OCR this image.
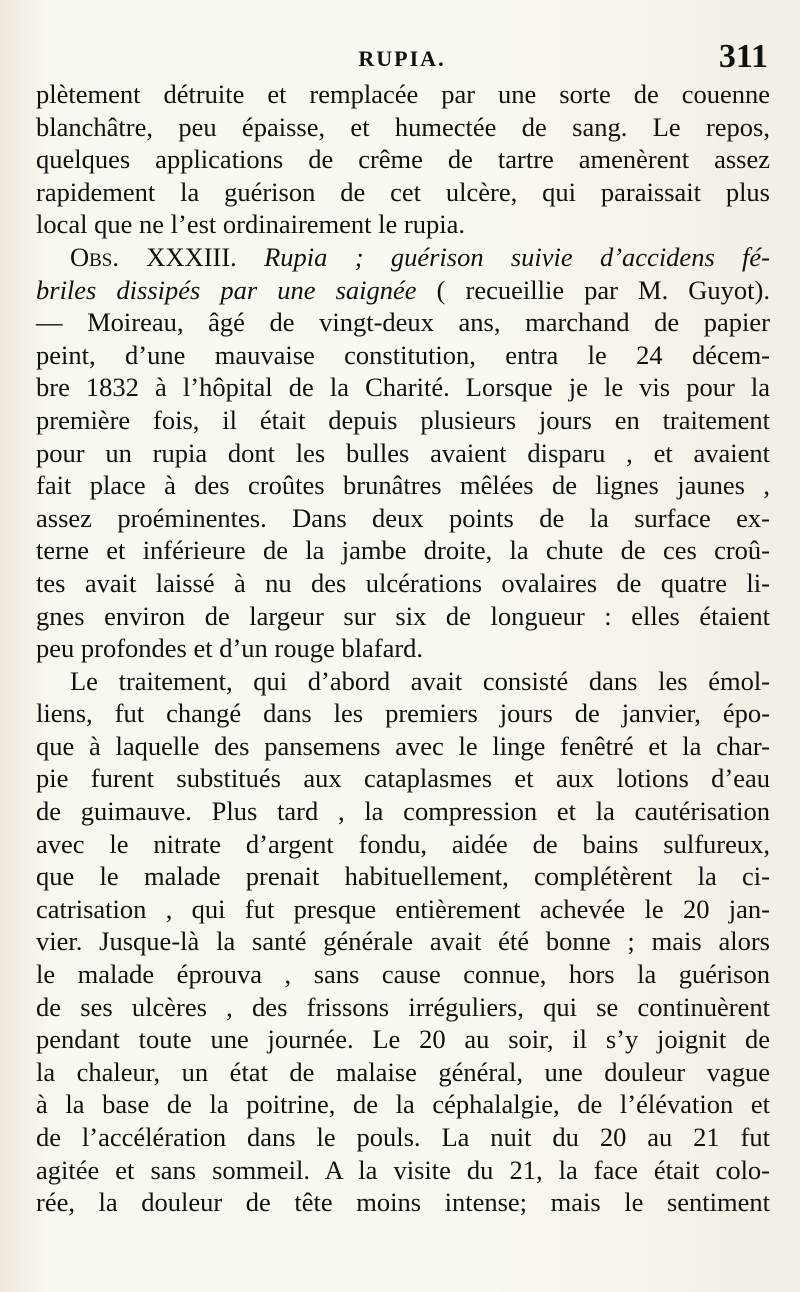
RUPIA.	311
plètement détruite et remplacée par une sorte de couenne
blanchâtre, peu épaisse, et humectée de sang. Le repos,
quelques applications de crême de tartre amenèrent assez
rapidement la guérison de cet ulcère, qui paraissait plus
local que ne l’est ordinairement le rupia.
Obs. XXXIII. Rupia ; guérison suivie d’accidens fé-
briles dissipés par une saignée ( recueillie par M. Guyot).
— Moireau, âgé de vingt-deux ans, marchand de papier
peint, d’une mauvaise constitution, entra le 24 décem-
bre 1832 à l’hôpital de la Charité. Lorsque je le vis pour la
première fois, il était depuis plusieurs jours en traitement
pour un rupia dont les bulles avaient disparu , et avaient
fait place à des croûtes brunâtres mêlées de lignes jaunes ,
assez proéminentes. Dans deux points de la surface ex-
terne et inférieure de la jambe droite, la chute de ces croû-
tes avait laissé à nu des ulcérations ovalaires de quatre li-
gnes environ de largeur sur six de longueur : elles étaient
peu profondes et d’un rouge blafard.
Le traitement, qui d’abord avait consisté dans les émol-
liens, fut changé dans les premiers jours de janvier, épo-
que à laquelle des pansemens avec le linge fenêtré et la char-
pie furent substitués aux cataplasmes et aux lotions d’eau
de guimauve. Plus tard , la compression et la cautérisation
avec le nitrate d’argent fondu, aidée de bains sulfureux,
que le malade prenait habituellement, complétèrent la ci-
catrisation , qui fut presque entièrement achevée le 20 jan-
vier. Jusque-là la santé générale avait été bonne ; mais alors
le malade éprouva , sans cause connue, hors la guérison
de ses ulcères , des frissons irréguliers, qui se continuèrent
pendant toute une journée. Le 20 au soir, il s’y joignit de
la chaleur, un état de malaise général, une douleur vague
à la base de la poitrine, de la céphalalgie, de l’élévation et
de l’accélération dans le pouls. La nuit du 20 au 21 fut
agitée et sans sommeil. A la visite du 21, la face était colo-
rée, la douleur de tête moins intense; mais le sentiment
